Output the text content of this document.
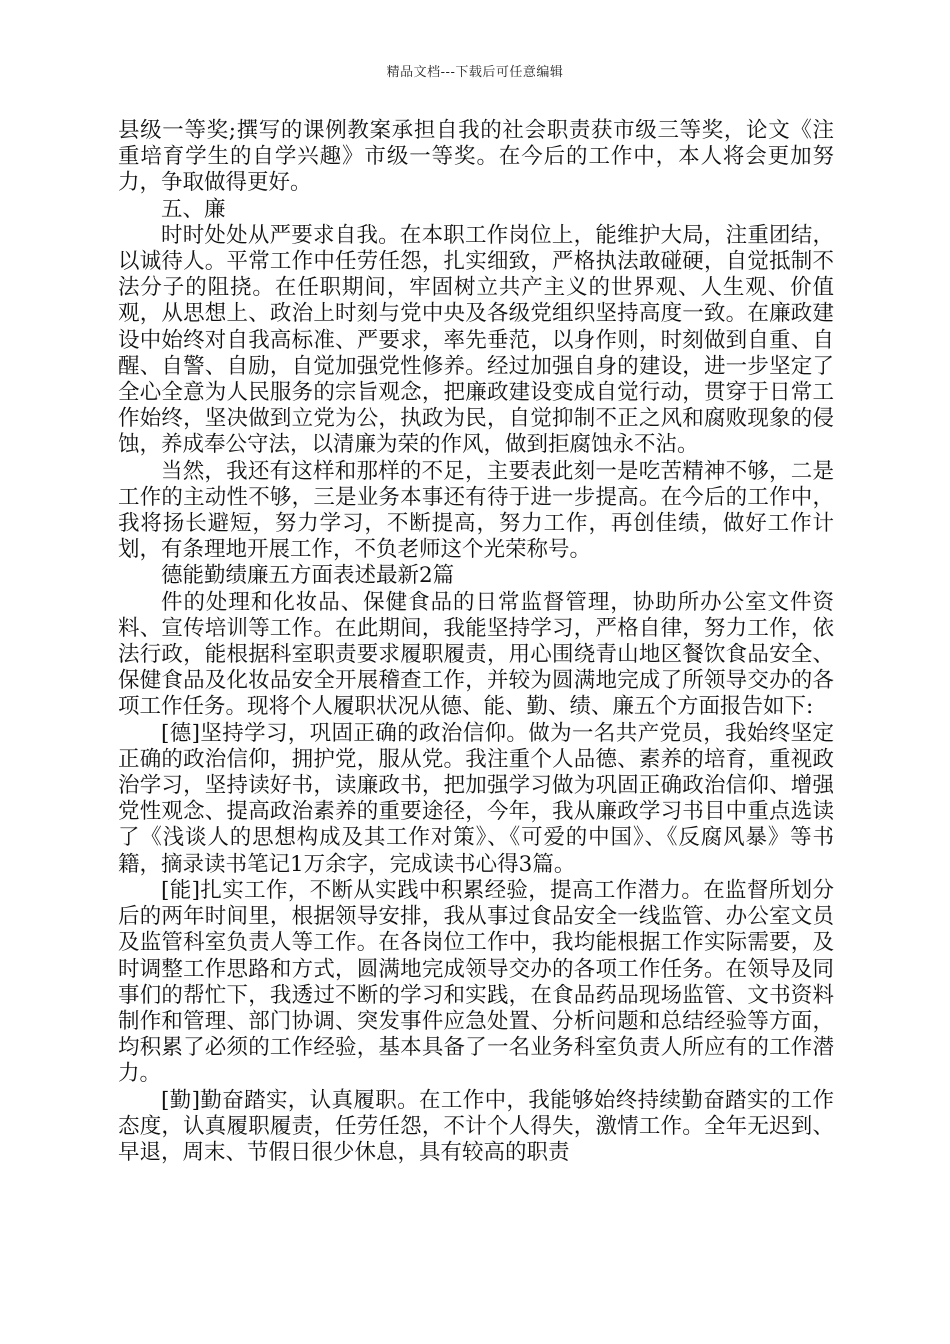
精品文档---下载后可任意编辑

县级一等奖;撰写的课例教案承担自我的社会职责获市级三等奖，论文《注重培育学生的自学兴趣》市级一等奖。在今后的工作中，本人将会更加努力，争取做得更好。

五、廉

时时处处从严要求自我。在本职工作岗位上，能维护大局，注重团结，以诚待人。平常工作中任劳任怨，扎实细致，严格执法敢碰硬，自觉抵制不法分子的阻挠。在任职期间，牢固树立共产主义的世界观、人生观、价值观，从思想上、政治上时刻与党中央及各级党组织坚持高度一致。在廉政建设中始终对自我高标准、严要求，率先垂范，以身作则，时刻做到自重、自醒、自警、自励，自觉加强党性修养。经过加强自身的建设，进一步坚定了全心全意为人民服务的宗旨观念，把廉政建设变成自觉行动，贯穿于日常工作始终，坚决做到立党为公，执政为民，自觉抑制不正之风和腐败现象的侵蚀，养成奉公守法，以清廉为荣的作风，做到拒腐蚀永不沾。

当然，我还有这样和那样的不足，主要表此刻一是吃苦精神不够，二是工作的主动性不够，三是业务本事还有待于进一步提高。在今后的工作中，我将扬长避短，努力学习，不断提高，努力工作，再创佳绩，做好工作计划，有条理地开展工作，不负老师这个光荣称号。

德能勤绩廉五方面表述最新2篇

件的处理和化妆品、保健食品的日常监督管理，协助所办公室文件资料、宣传培训等工作。在此期间，我能坚持学习，严格自律，努力工作，依法行政，能根据科室职责要求履职履责，用心围绕青山地区餐饮食品安全、保健食品及化妆品安全开展稽查工作，并较为圆满地完成了所领导交办的各项工作任务。现将个人履职状况从德、能、勤、绩、廉五个方面报告如下:

[德]坚持学习，巩固正确的政治信仰。做为一名共产党员，我始终坚定正确的政治信仰，拥护党，服从党。我注重个人品德、素养的培育，重视政治学习，坚持读好书，读廉政书，把加强学习做为巩固正确政治信仰、增强党性观念、提高政治素养的重要途径，今年，我从廉政学习书目中重点选读了《浅谈人的思想构成及其工作对策》、《可爱的中国》、《反腐风暴》等书籍，摘录读书笔记1万余字，完成读书心得3篇。

[能]扎实工作，不断从实践中积累经验，提高工作潜力。在监督所划分后的两年时间里，根据领导安排，我从事过食品安全一线监管、办公室文员及监管科室负责人等工作。在各岗位工作中，我均能根据工作实际需要，及时调整工作思路和方式，圆满地完成领导交办的各项工作任务。在领导及同事们的帮忙下，我透过不断的学习和实践，在食品药品现场监管、文书资料制作和管理、部门协调、突发事件应急处置、分析问题和总结经验等方面，均积累了必须的工作经验，基本具备了一名业务科室负责人所应有的工作潜力。

[勤]勤奋踏实，认真履职。在工作中，我能够始终持续勤奋踏实的工作态度，认真履职履责，任劳任怨，不计个人得失，激情工作。全年无迟到、早退，周末、节假日很少休息，具有较高的职责
